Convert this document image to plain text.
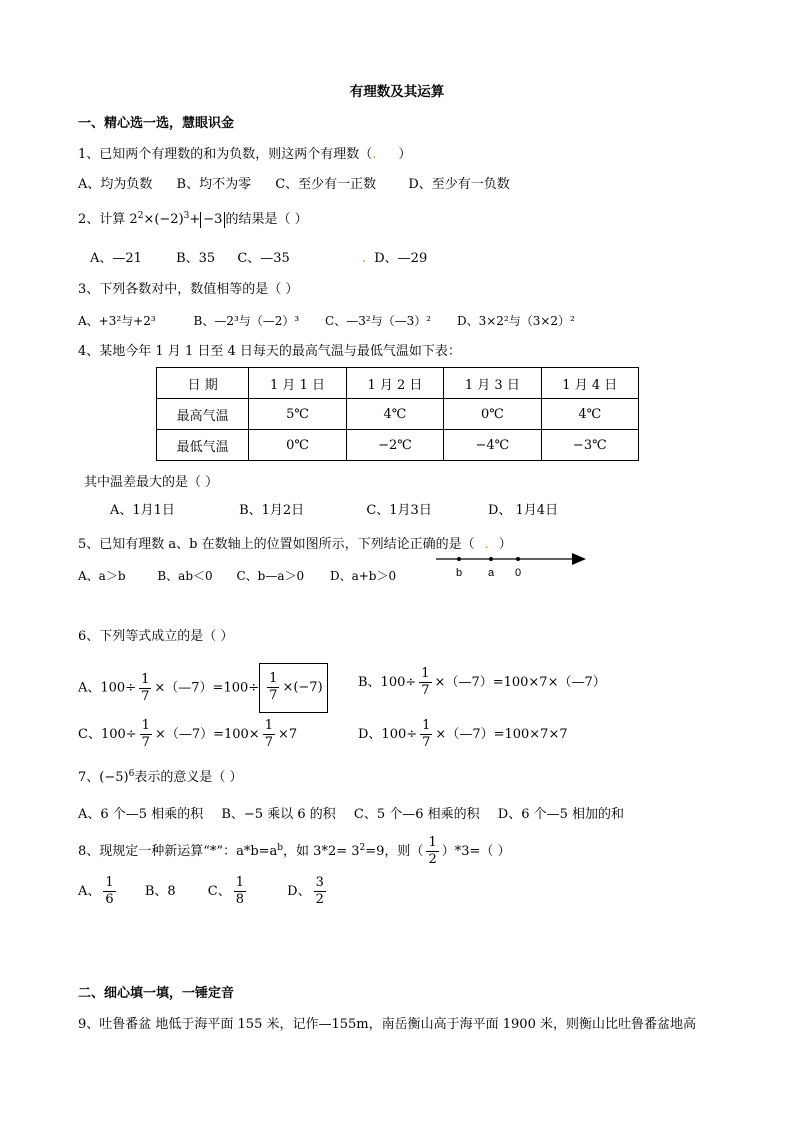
有理数及其运算
一、精心选一选，慧眼识金
1、已知两个有理数的和为负数，则这两个有理数（. ）
A、均为负数 B、均不为零 C、至少有一正数 D、至少有一负数
2、计算 $2^2\times(-2)^3+ -3$ 的结果是（ ）
A、—21	B、35 C、—35	. D、—29
3、下列各数对中，数值相等的是（ ）
A、+3²与+2³	B、—2³与（—2）³ C、—3²与（—3）² D、3×2²与（3×2）²
4、某地今年 1 月 1 日至 4 日每天的最高气温与最低气温如下表：
日 期	1 月 1 日	1 月 2 日	1 月 3 日	1 月 4 日
最高气温	5℃	4℃	0℃	4℃
最低气温	0℃	−2℃	−4℃	−3℃
其中温差最大的是（ ）
A、1月1日	B、1月2日	C、1月3日	D、 1月4日
5、已知有理数 a、b 在数轴上的位置如图所示，下列结论正确的是（ . ）
A、a＞b	B、ab＜0 C、b—a＞0 D、a+b＞0	b a 0
6、下列等式成立的是（ ）
A、$100\div \frac{1}{7}$ ×（—7）=100÷ $\frac{1}{7} \times(-7)$	B、$100\div \frac{1}{7}$ ×（—7）=100×7×（—7）
C、$100\div \frac{1}{7}$ ×（—7）=100× $\frac{1}{7} \times 7$	D、$100\div \frac{1}{7}$ ×（—7）=100×7×7
7、$(-5)^6$表示的意义是（ ）
A、6 个—5 相乘的积 B、−5 乘以 6 的积 C、5 个—6 相乘的积 D、6 个—5 相加的和
8、现规定一种新运算“*”：$a*b=a^b$，如 $3*2= 3^2=9$，则（ $\frac{1}{2} )*3=$（ ）
A、 $\frac{1}{6}$ B、8 C、 $\frac{1}{8}$	D、 $\frac{3}{2}$
二、细心填一填，一锤定音
9、吐鲁番盆 地低于海平面 155 米，记作—155m，南岳衡山高于海平面 1900 米，则衡山比吐鲁番盆地高
